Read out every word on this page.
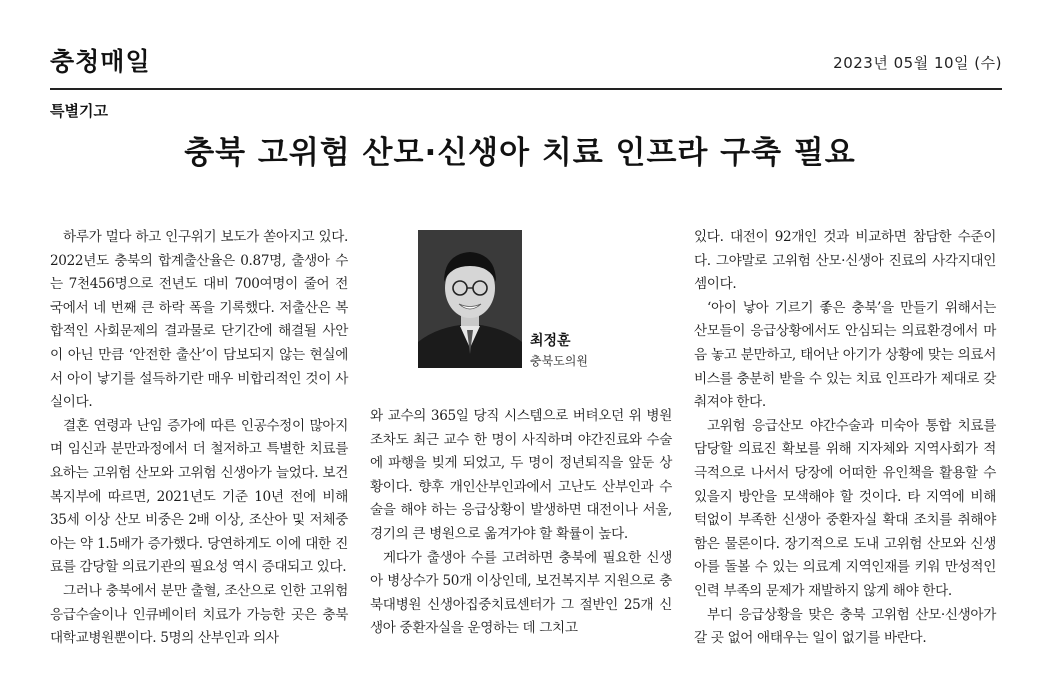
충청매일	2023년 05월 10일 (수)
특별기고
충북 고위험 산모·신생아 치료 인프라 구축 필요

하루가 멀다 하고 인구위기 보도가 쏟아지고 있다. 2022년도 충북의 합계출산율은 0.87명, 출생아 수는 7천456명으로 전년도 대비 700여명이 줄어 전국에서 네 번째 큰 하락 폭을 기록했다. 저출산은 복합적인 사회문제의 결과물로 단기간에 해결될 사안이 아닌 만큼 ‘안전한 출산’이 담보되지 않는 현실에서 아이 낳기를 설득하기란 매우 비합리적인 것이 사실이다.

결혼 연령과 난임 증가에 따른 인공수정이 많아지며 임신과 분만과정에서 더 철저하고 특별한 치료를 요하는 고위험 산모와 고위험 신생아가 늘었다. 보건복지부에 따르면, 2021년도 기준 10년 전에 비해 35세 이상 산모 비중은 2배 이상, 조산아 및 저체중아는 약 1.5배가 증가했다. 당연하게도 이에 대한 진료를 감당할 의료기관의 필요성 역시 증대되고 있다.

그러나 충북에서 분만 출혈, 조산으로 인한 고위험 응급수술이나 인큐베이터 치료가 가능한 곳은 충북대학교병원뿐이다. 5명의 산부인과 의사

최정훈
충북도의원

와 교수의 365일 당직 시스템으로 버텨오던 위 병원조차도 최근 교수 한 명이 사직하며 야간진료와 수술에 파행을 빚게 되었고, 두 명이 정년퇴직을 앞둔 상황이다. 향후 개인산부인과에서 고난도 산부인과 수술을 해야 하는 응급상황이 발생하면 대전이나 서울, 경기의 큰 병원으로 옮겨가야 할 확률이 높다.

게다가 출생아 수를 고려하면 충북에 필요한 신생아 병상수가 50개 이상인데, 보건복지부 지원으로 충북대병원 신생아집중치료센터가 그 절반인 25개 신생아 중환자실을 운영하는 데 그치고

있다. 대전이 92개인 것과 비교하면 참담한 수준이다. 그야말로 고위험 산모·신생아 진료의 사각지대인 셈이다.

‘아이 낳아 기르기 좋은 충북’을 만들기 위해서는 산모들이 응급상황에서도 안심되는 의료환경에서 마음 놓고 분만하고, 태어난 아기가 상황에 맞는 의료서비스를 충분히 받을 수 있는 치료 인프라가 제대로 갖춰져야 한다.

고위험 응급산모 야간수술과 미숙아 통합 치료를 담당할 의료진 확보를 위해 지자체와 지역사회가 적극적으로 나서서 당장에 어떠한 유인책을 활용할 수 있을지 방안을 모색해야 할 것이다. 타 지역에 비해 턱없이 부족한 신생아 중환자실 확대 조치를 취해야 함은 물론이다. 장기적으로 도내 고위험 산모와 신생아를 돌볼 수 있는 의료계 지역인재를 키워 만성적인 인력 부족의 문제가 재발하지 않게 해야 한다.

부디 응급상황을 맞은 충북 고위험 산모·신생아가 갈 곳 없어 애태우는 일이 없기를 바란다.
